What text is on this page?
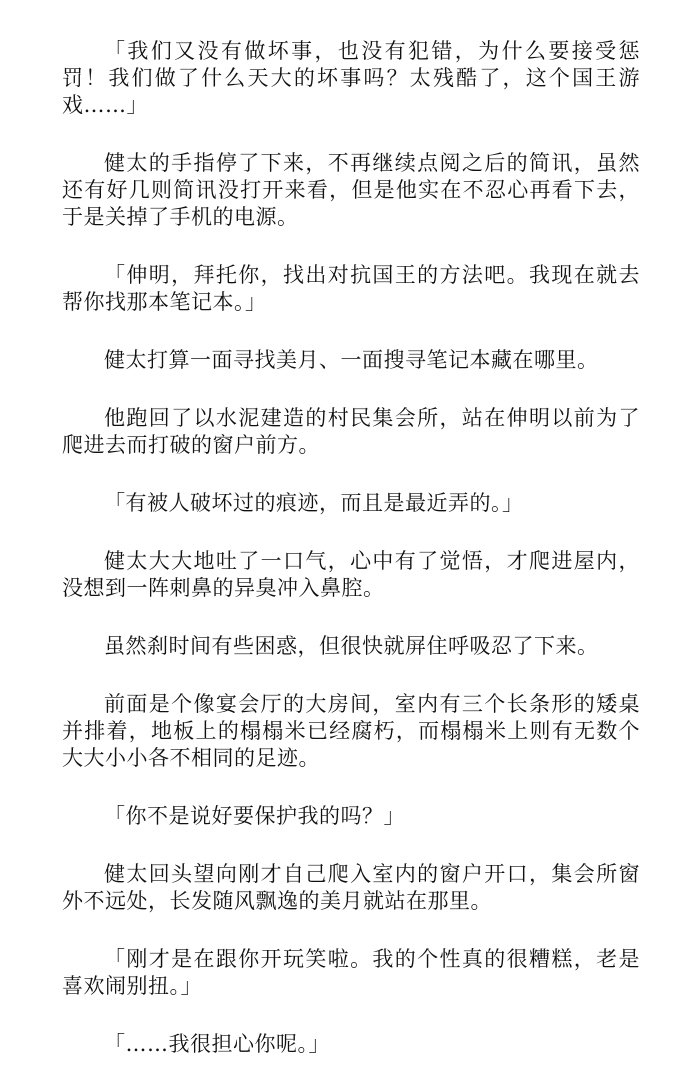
「我们又没有做坏事，也没有犯错，为什么要接受惩罚！我们做了什么天大的坏事吗？太残酷了，这个国王游戏……」

健太的手指停了下来，不再继续点阅之后的简讯，虽然还有好几则简讯没打开来看，但是他实在不忍心再看下去，于是关掉了手机的电源。

「伸明，拜托你，找出对抗国王的方法吧。我现在就去帮你找那本笔记本。」

健太打算一面寻找美月、一面搜寻笔记本藏在哪里。

他跑回了以水泥建造的村民集会所，站在伸明以前为了爬进去而打破的窗户前方。

「有被人破坏过的痕迹，而且是最近弄的。」

健太大大地吐了一口气，心中有了觉悟，才爬进屋内，没想到一阵刺鼻的异臭冲入鼻腔。

虽然刹时间有些困惑，但很快就屏住呼吸忍了下来。

前面是个像宴会厅的大房间，室内有三个长条形的矮桌并排着，地板上的榻榻米已经腐朽，而榻榻米上则有无数个大大小小各不相同的足迹。

「你不是说好要保护我的吗？」

健太回头望向刚才自己爬入室内的窗户开口，集会所窗外不远处，长发随风飘逸的美月就站在那里。

「刚才是在跟你开玩笑啦。我的个性真的很糟糕，老是喜欢闹别扭。」

「……我很担心你呢。」
